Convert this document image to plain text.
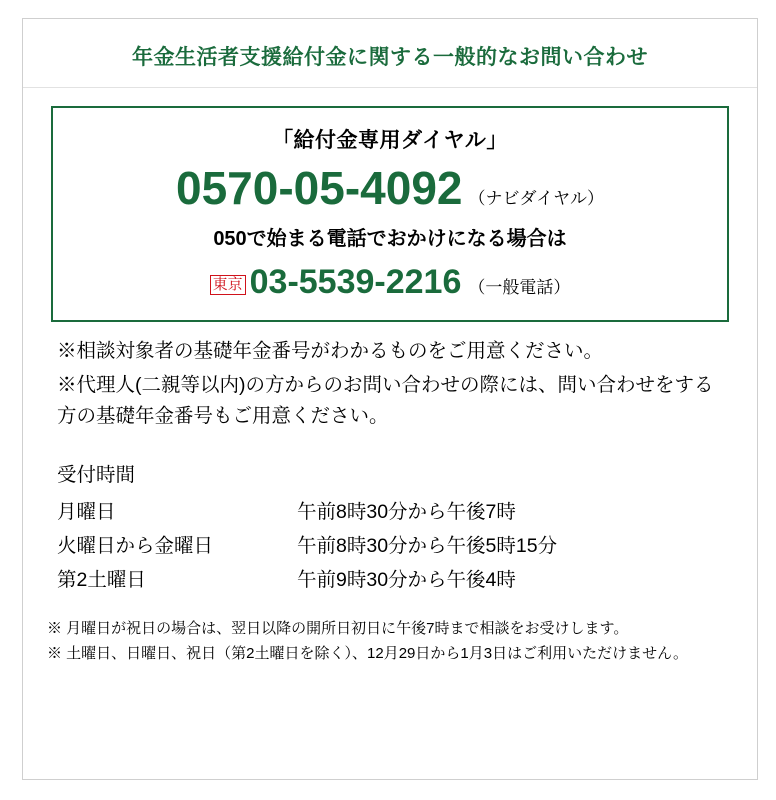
年金生活者支援給付金に関する一般的なお問い合わせ
「給付金専用ダイヤル」
0570-05-4092 （ナビダイヤル）
050で始まる電話でおかけになる場合は
東京 03-5539-2216 （一般電話）

※相談対象者の基礎年金番号がわかるものをご用意ください。

※代理人(二親等以内)の方からのお問い合わせの際には、問い合わせをする方の基礎年金番号もご用意ください。

受付時間
月曜日	午前8時30分から午後7時
火曜日から金曜日	午前8時30分から午後5時15分
第2土曜日	午前9時30分から午後4時

※ 月曜日が祝日の場合は、翌日以降の開所日初日に午後7時まで相談をお受けします。

※ 土曜日、日曜日、祝日（第2土曜日を除く）、12月29日から1月3日はご利用いただけません。
